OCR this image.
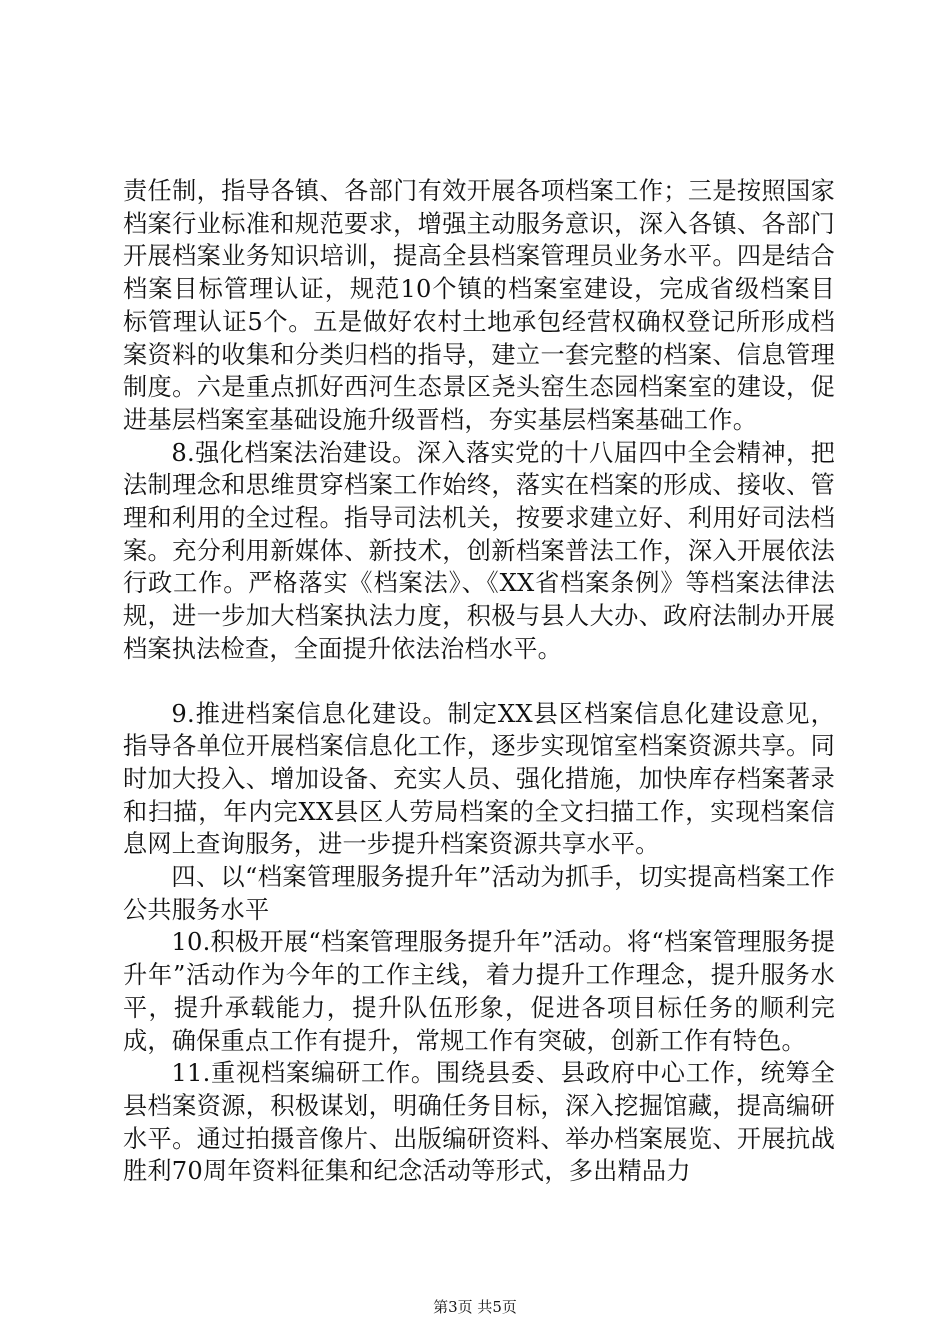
责任制，指导各镇、各部门有效开展各项档案工作；三是按照国家档案行业标准和规范要求，增强主动服务意识，深入各镇、各部门开展档案业务知识培训，提高全县档案管理员业务水平。四是结合档案目标管理认证，规范10个镇的档案室建设，完成省级档案目标管理认证5个。五是做好农村土地承包经营权确权登记所形成档案资料的收集和分类归档的指导，建立一套完整的档案、信息管理制度。六是重点抓好西河生态景区尧头窑生态园档案室的建设，促进基层档案室基础设施升级晋档，夯实基层档案基础工作。

8.强化档案法治建设。深入落实党的十八届四中全会精神，把法制理念和思维贯穿档案工作始终，落实在档案的形成、接收、管理和利用的全过程。指导司法机关，按要求建立好、利用好司法档案。充分利用新媒体、新技术，创新档案普法工作，深入开展依法行政工作。严格落实《档案法》、《XX省档案条例》等档案法律法规，进一步加大档案执法力度，积极与县人大办、政府法制办开展档案执法检查，全面提升依法治档水平。

9.推进档案信息化建设。制定XX县区档案信息化建设意见，指导各单位开展档案信息化工作，逐步实现馆室档案资源共享。同时加大投入、增加设备、充实人员、强化措施，加快库存档案著录和扫描，年内完XX县区人劳局档案的全文扫描工作，实现档案信息网上查询服务，进一步提升档案资源共享水平。

四、以“档案管理服务提升年”活动为抓手，切实提高档案工作公共服务水平

10.积极开展“档案管理服务提升年”活动。将“档案管理服务提升年”活动作为今年的工作主线，着力提升工作理念，提升服务水平，提升承载能力，提升队伍形象，促进各项目标任务的顺利完成，确保重点工作有提升，常规工作有突破，创新工作有特色。

11.重视档案编研工作。围绕县委、县政府中心工作，统筹全县档案资源，积极谋划，明确任务目标，深入挖掘馆藏，提高编研水平。通过拍摄音像片、出版编研资料、举办档案展览、开展抗战胜利70周年资料征集和纪念活动等形式，多出精品力

第3页 共5页
